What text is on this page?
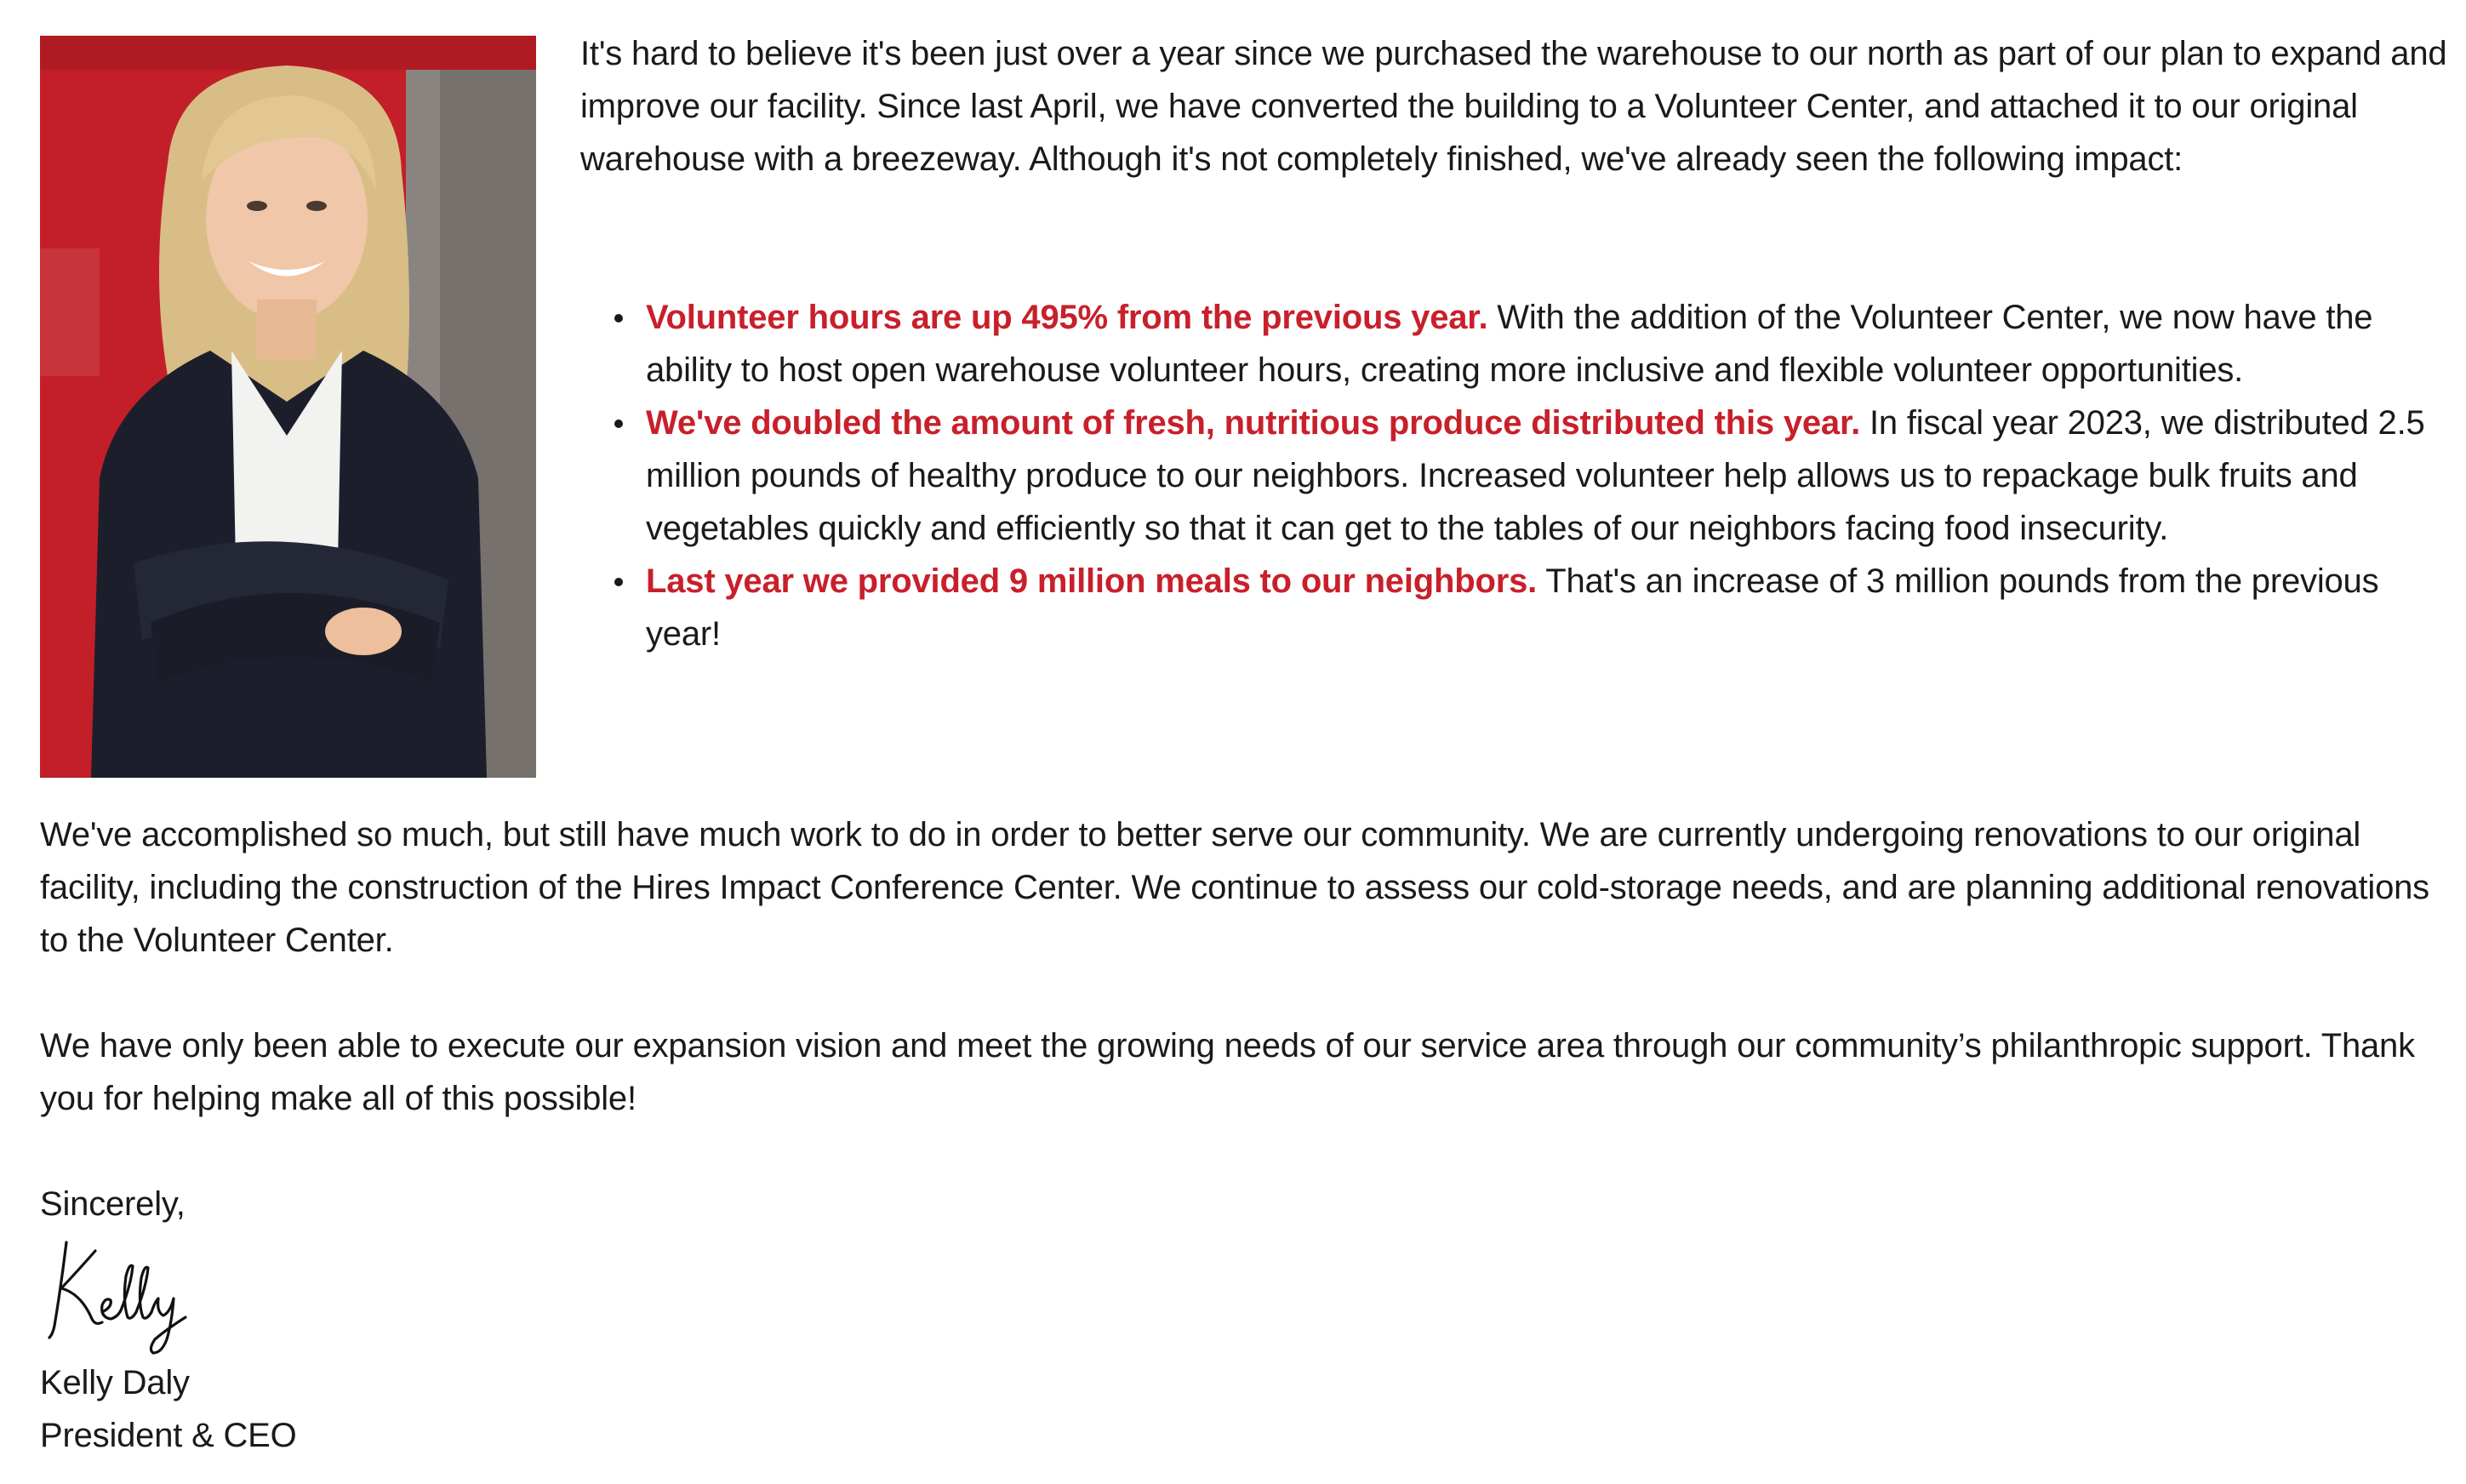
It's hard to believe it's been just over a year since we purchased the warehouse to our north as part of our plan to expand and improve our facility. Since last April, we have converted the building to a Volunteer Center, and attached it to our original warehouse with a breezeway. Although it's not completely finished, we've already seen the following impact:

Volunteer hours are up 495% from the previous year. With the addition of the Volunteer Center, we now have the ability to host open warehouse volunteer hours, creating more inclusive and flexible volunteer opportunities.
We've doubled the amount of fresh, nutritious produce distributed this year. In fiscal year 2023, we distributed 2.5 million pounds of healthy produce to our neighbors. Increased volunteer help allows us to repackage bulk fruits and vegetables quickly and efficiently so that it can get to the tables of our neighbors facing food insecurity.
Last year we provided 9 million meals to our neighbors. That's an increase of 3 million pounds from the previous year!

We've accomplished so much, but still have much work to do in order to better serve our community. We are currently undergoing renovations to our original facility, including the construction of the Hires Impact Conference Center. We continue to assess our cold-storage needs, and are planning additional renovations to the Volunteer Center.

We have only been able to execute our expansion vision and meet the growing needs of our service area through our community’s philanthropic support. Thank you for helping make all of this possible!

Sincerely,

Kelly Daly

President & CEO
